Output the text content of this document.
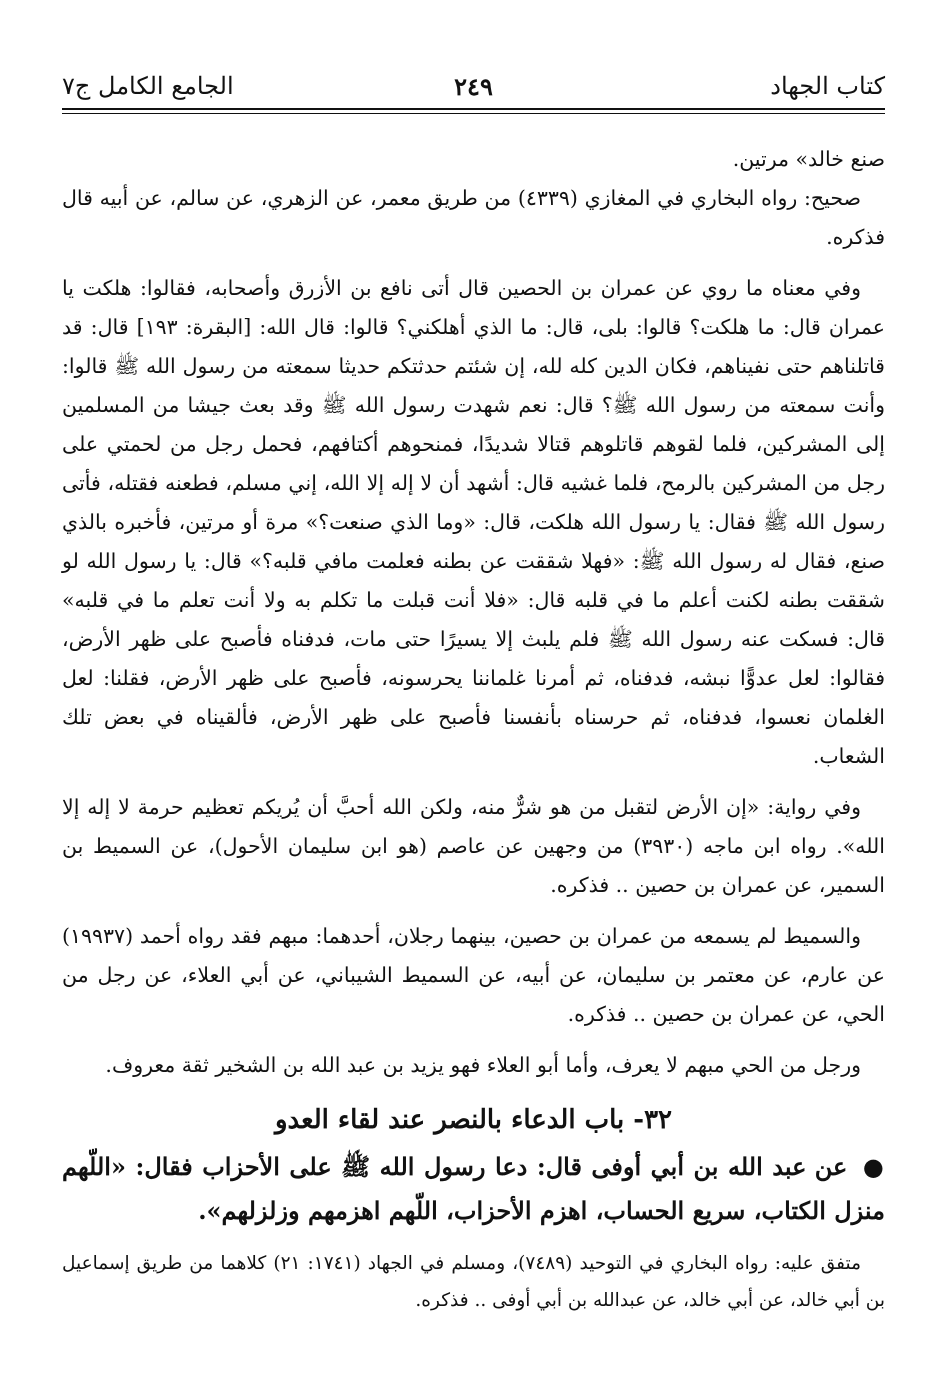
كتاب الجهاد
٢٤٩
الجامع الكامل ج٧

صنع خالد» مرتين.

صحيح: رواه البخاري في المغازي (٤٣٣٩) من طريق معمر، عن الزهري، عن سالم، عن أبيه قال فذكره.

وفي معناه ما روي عن عمران بن الحصين قال أتى نافع بن الأزرق وأصحابه، فقالوا: هلكت يا عمران قال: ما هلكت؟ قالوا: بلى، قال: ما الذي أهلكني؟ قالوا: قال الله: [البقرة: ١٩٣] قال: قد قاتلناهم حتى نفيناهم، فكان الدين كله لله، إن شئتم حدثتكم حديثا سمعته من رسول الله ﷺ قالوا: وأنت سمعته من رسول الله ﷺ؟ قال: نعم شهدت رسول الله ﷺ وقد بعث جيشا من المسلمين إلى المشركين، فلما لقوهم قاتلوهم قتالا شديدًا، فمنحوهم أكتافهم، فحمل رجل من لحمتي على رجل من المشركين بالرمح، فلما غشيه قال: أشهد أن لا إله إلا الله، إني مسلم، فطعنه فقتله، فأتى رسول الله ﷺ فقال: يا رسول الله هلكت، قال: «وما الذي صنعت؟» مرة أو مرتين، فأخبره بالذي صنع، فقال له رسول الله ﷺ: «فهلا شققت عن بطنه فعلمت مافي قلبه؟» قال: يا رسول الله لو شققت بطنه لكنت أعلم ما في قلبه قال: «فلا أنت قبلت ما تكلم به ولا أنت تعلم ما في قلبه» قال: فسكت عنه رسول الله ﷺ فلم يلبث إلا يسيرًا حتى مات، فدفناه فأصبح على ظهر الأرض، فقالوا: لعل عدوًّا نبشه، فدفناه، ثم أمرنا غلماننا يحرسونه، فأصبح على ظهر الأرض، فقلنا: لعل الغلمان نعسوا، فدفناه، ثم حرسناه بأنفسنا فأصبح على ظهر الأرض، فألقيناه في بعض تلك الشعاب.

وفي رواية: «إن الأرض لتقبل من هو شرٌّ منه، ولكن الله أحبَّ أن يُريكم تعظيم حرمة لا إله إلا الله». رواه ابن ماجه (٣٩٣٠) من وجهين عن عاصم (هو ابن سليمان الأحول)، عن السميط بن السمير، عن عمران بن حصين .. فذكره.

والسميط لم يسمعه من عمران بن حصين، بينهما رجلان، أحدهما: مبهم فقد رواه أحمد (١٩٩٣٧) عن عارم، عن معتمر بن سليمان، عن أبيه، عن السميط الشيباني، عن أبي العلاء، عن رجل من الحي، عن عمران بن حصين .. فذكره.

ورجل من الحي مبهم لا يعرف، وأما أبو العلاء فهو يزيد بن عبد الله بن الشخير ثقة معروف.

٣٢- باب الدعاء بالنصر عند لقاء العدو

● عن عبد الله بن أبي أوفى قال: دعا رسول الله ﷺ على الأحزاب فقال: «اللّهم منزل الكتاب، سريع الحساب، اهزم الأحزاب، اللّهم اهزمهم وزلزلهم».

متفق عليه: رواه البخاري في التوحيد (٧٤٨٩)، ومسلم في الجهاد (١٧٤١: ٢١) كلاهما من طريق إسماعيل بن أبي خالد، عن أبي خالد، عن عبدالله بن أبي أوفى .. فذكره.
